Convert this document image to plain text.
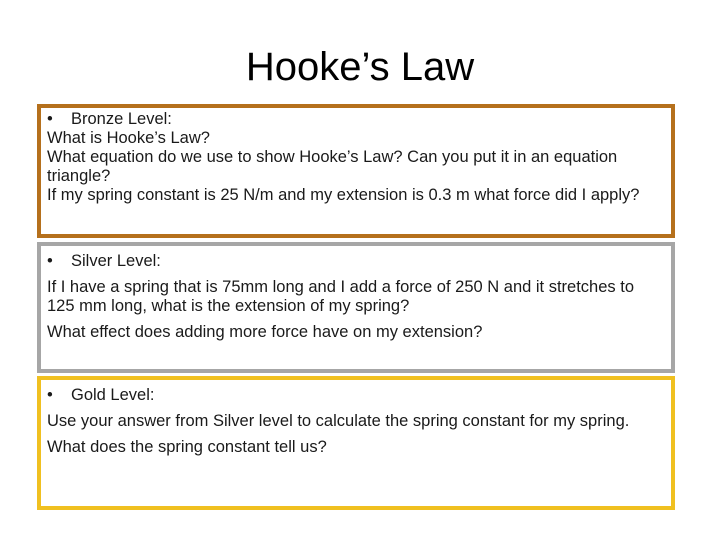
Hooke’s Law
• Bronze Level:
What is Hooke’s Law?
What equation do we use to show Hooke’s Law? Can you put it in an equation triangle?
If my spring constant is 25 N/m and my extension is 0.3 m what force did I apply?
• Silver Level:
If I have a spring that is 75mm long and I add a force of 250 N and it stretches to 125 mm long, what is the extension of my spring?
What effect does adding more force have on my extension?
• Gold Level:
Use your answer from Silver level to calculate the spring constant for my spring.
What does the spring constant tell us?
